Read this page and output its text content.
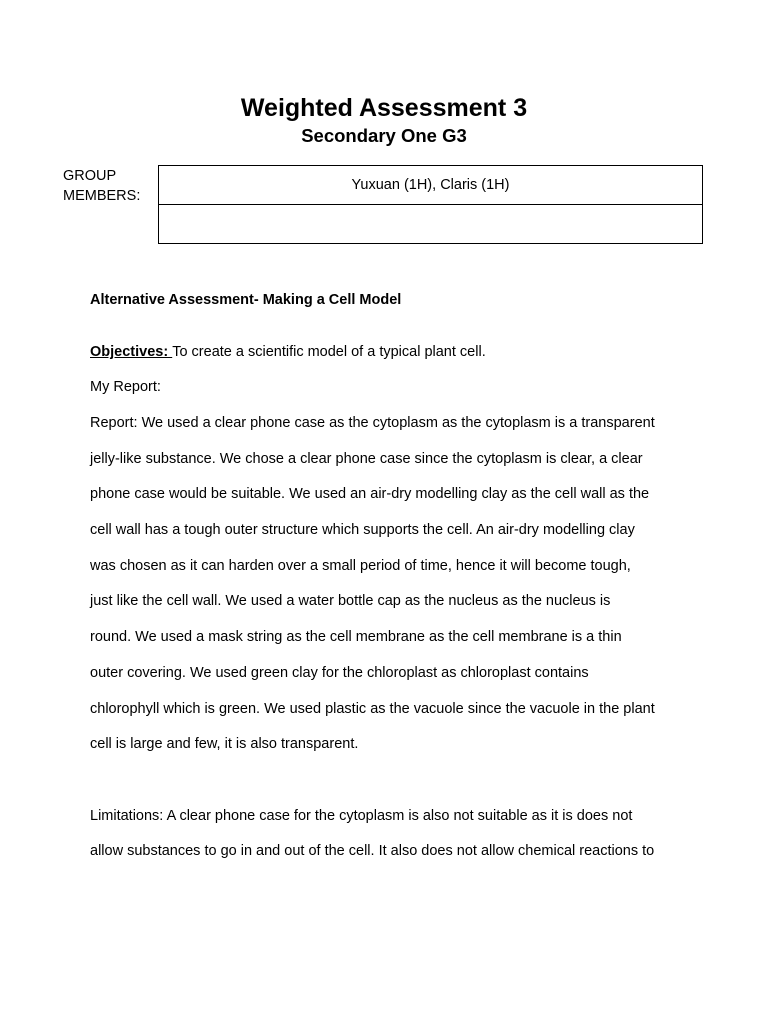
Weighted Assessment 3
Secondary One G3
GROUP
MEMBERS:
Yuxuan (1H), Claris (1H)

Alternative Assessment- Making a Cell Model
Objectives: To create a scientific model of a typical plant cell.
My Report:
Report: We used a clear phone case as the cytoplasm as the cytoplasm is a transparent
jelly-like substance. We chose a clear phone case since the cytoplasm is clear, a clear
phone case would be suitable. We used an air-dry modelling clay as the cell wall as the
cell wall has a tough outer structure which supports the cell. An air-dry modelling clay
was chosen as it can harden over a small period of time, hence it will become tough,
just like the cell wall. We used a water bottle cap as the nucleus as the nucleus is
round. We used a mask string as the cell membrane as the cell membrane is a thin
outer covering. We used green clay for the chloroplast as chloroplast contains
chlorophyll which is green. We used plastic as the vacuole since the vacuole in the plant
cell is large and few, it is also transparent.
Limitations: A clear phone case for the cytoplasm is also not suitable as it is does not
allow substances to go in and out of the cell. It also does not allow chemical reactions to
